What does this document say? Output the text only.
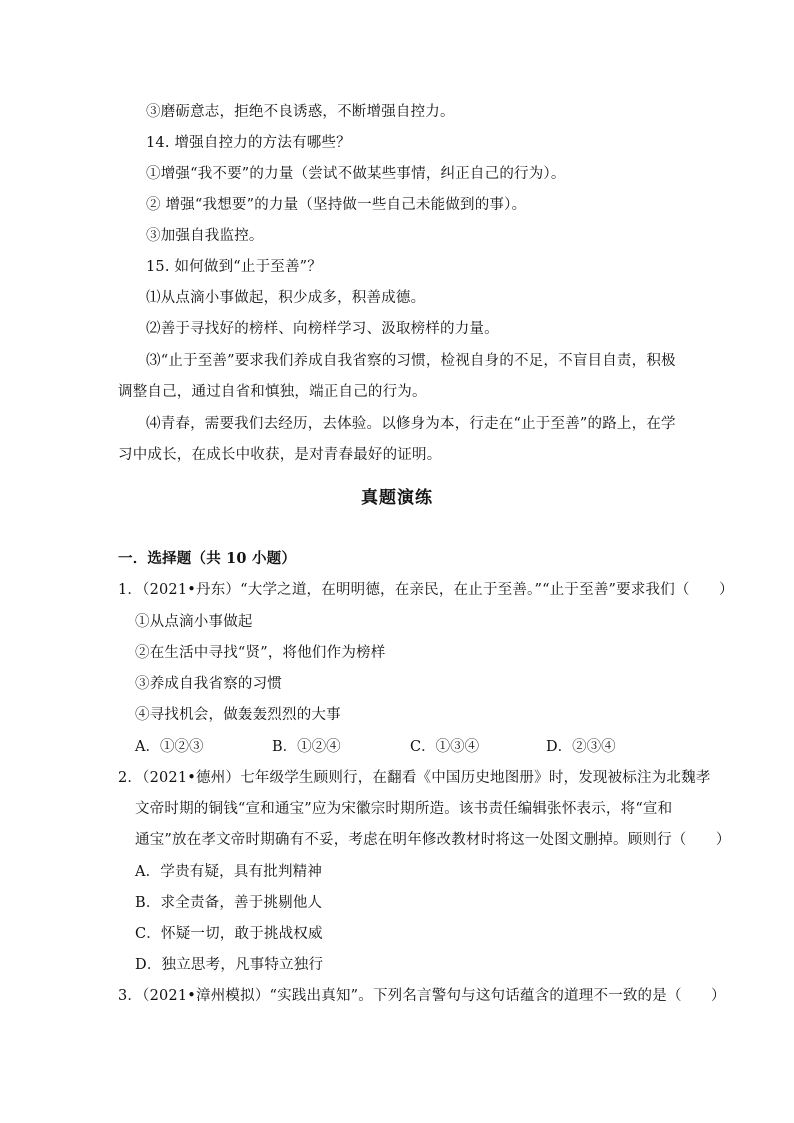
③磨砺意志，拒绝不良诱惑，不断增强自控力。
14. 增强自控力的方法有哪些？
①增强“我不要”的力量（尝试不做某些事情，纠正自己的行为）。
② 增强“我想要”的力量（坚持做一些自己未能做到的事）。
③加强自我监控。
15. 如何做到“止于至善”？
⑴从点滴小事做起，积少成多，积善成德。
⑵善于寻找好的榜样、向榜样学习、汲取榜样的力量。
⑶“止于至善”要求我们养成自我省察的习惯，检视自身的不足，不盲目自责，积极
调整自己，通过自省和慎独，端正自己的行为。
⑷青春，需要我们去经历，去体验。以修身为本，行走在“止于至善”的路上，在学
习中成长，在成长中收获，是对青春最好的证明。
真题演练
一．选择题（共 10 小题）
1．（2021•丹东）“大学之道，在明明德，在亲民，在止于至善。”“止于至善”要求我们（　　）
①从点滴小事做起
②在生活中寻找“贤”，将他们作为榜样
③养成自我省察的习惯
④寻找机会，做轰轰烈烈的大事
A．①②③	B．①②④	C．①③④	D．②③④
2．（2021•德州）七年级学生顾则行，在翻看《中国历史地图册》时，发现被标注为北魏孝
文帝时期的铜钱“宣和通宝”应为宋徽宗时期所造。该书责任编辑张怀表示，将“宣和
通宝”放在孝文帝时期确有不妥，考虑在明年修改教材时将这一处图文删掉。顾则行（　　）
A．学贵有疑，具有批判精神
B．求全责备，善于挑剔他人
C．怀疑一切，敢于挑战权威
D．独立思考，凡事特立独行
3．（2021•漳州模拟）“实践出真知”。下列名言警句与这句话蕴含的道理不一致的是（　　）
